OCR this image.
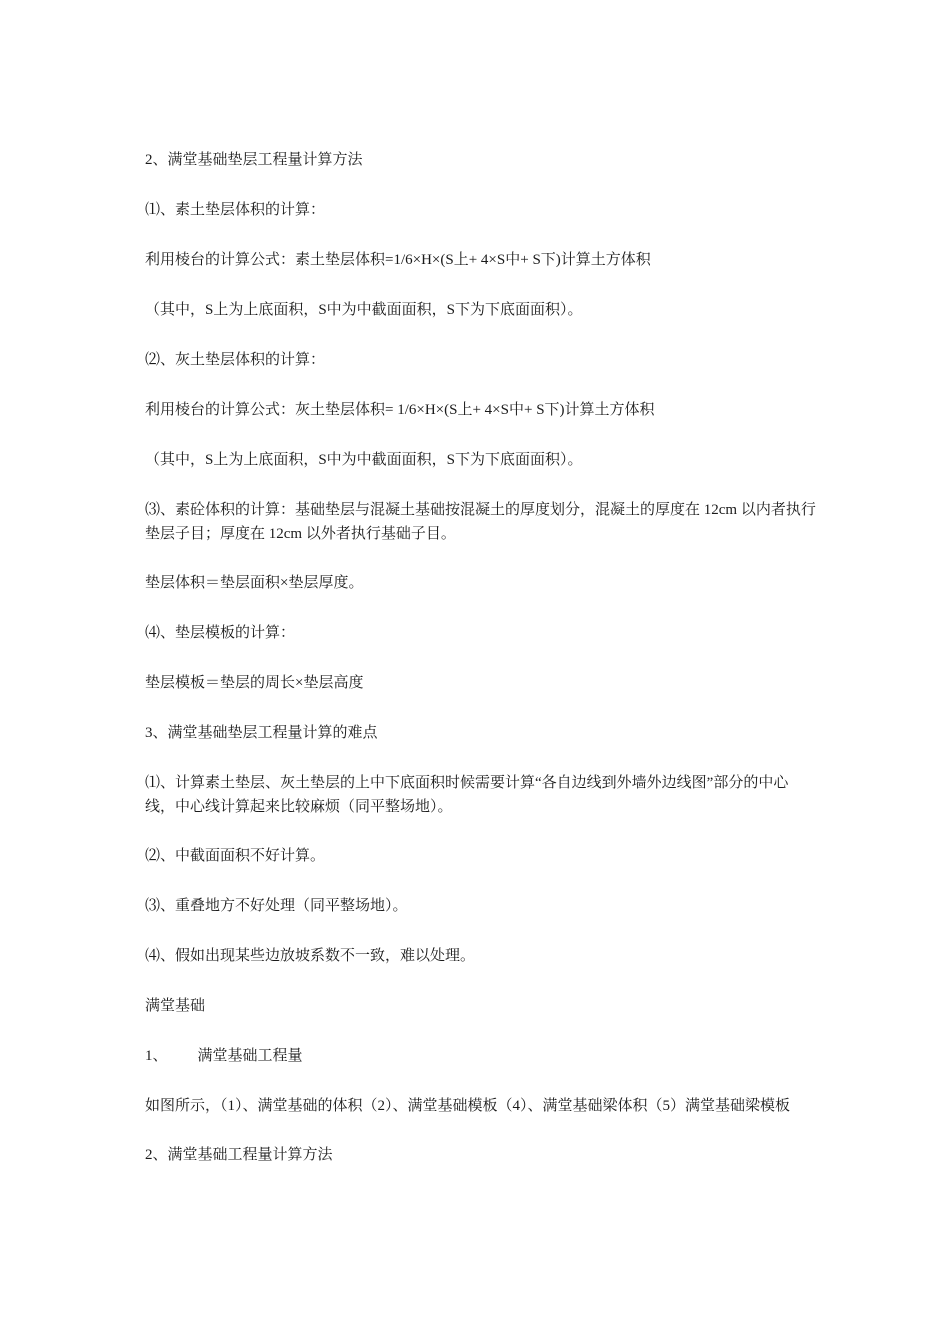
2、满堂基础垫层工程量计算方法

⑴、素土垫层体积的计算：

利用棱台的计算公式：素土垫层体积=1/6×H×(S上+ 4×S中+ S下)计算土方体积

（其中，S上为上底面积，S中为中截面面积，S下为下底面面积）。

⑵、灰土垫层体积的计算：

利用棱台的计算公式：灰土垫层体积= 1/6×H×(S上+ 4×S中+ S下)计算土方体积

（其中，S上为上底面积，S中为中截面面积，S下为下底面面积）。

⑶、素砼体积的计算：基础垫层与混凝土基础按混凝土的厚度划分，混凝土的厚度在 12cm 以内者执行垫层子目；厚度在 12cm 以外者执行基础子目。

垫层体积＝垫层面积×垫层厚度。

⑷、垫层模板的计算：

垫层模板＝垫层的周长×垫层高度

3、满堂基础垫层工程量计算的难点

⑴、计算素土垫层、灰土垫层的上中下底面积时候需要计算“各自边线到外墙外边线图”部分的中心线，中心线计算起来比较麻烦（同平整场地）。

⑵、中截面面积不好计算。

⑶、重叠地方不好处理（同平整场地）。

⑷、假如出现某些边放坡系数不一致，难以处理。

满堂基础

1、        满堂基础工程量

如图所示，（1）、满堂基础的体积（2）、满堂基础模板（4）、满堂基础梁体积（5）满堂基础梁模板

2、满堂基础工程量计算方法
